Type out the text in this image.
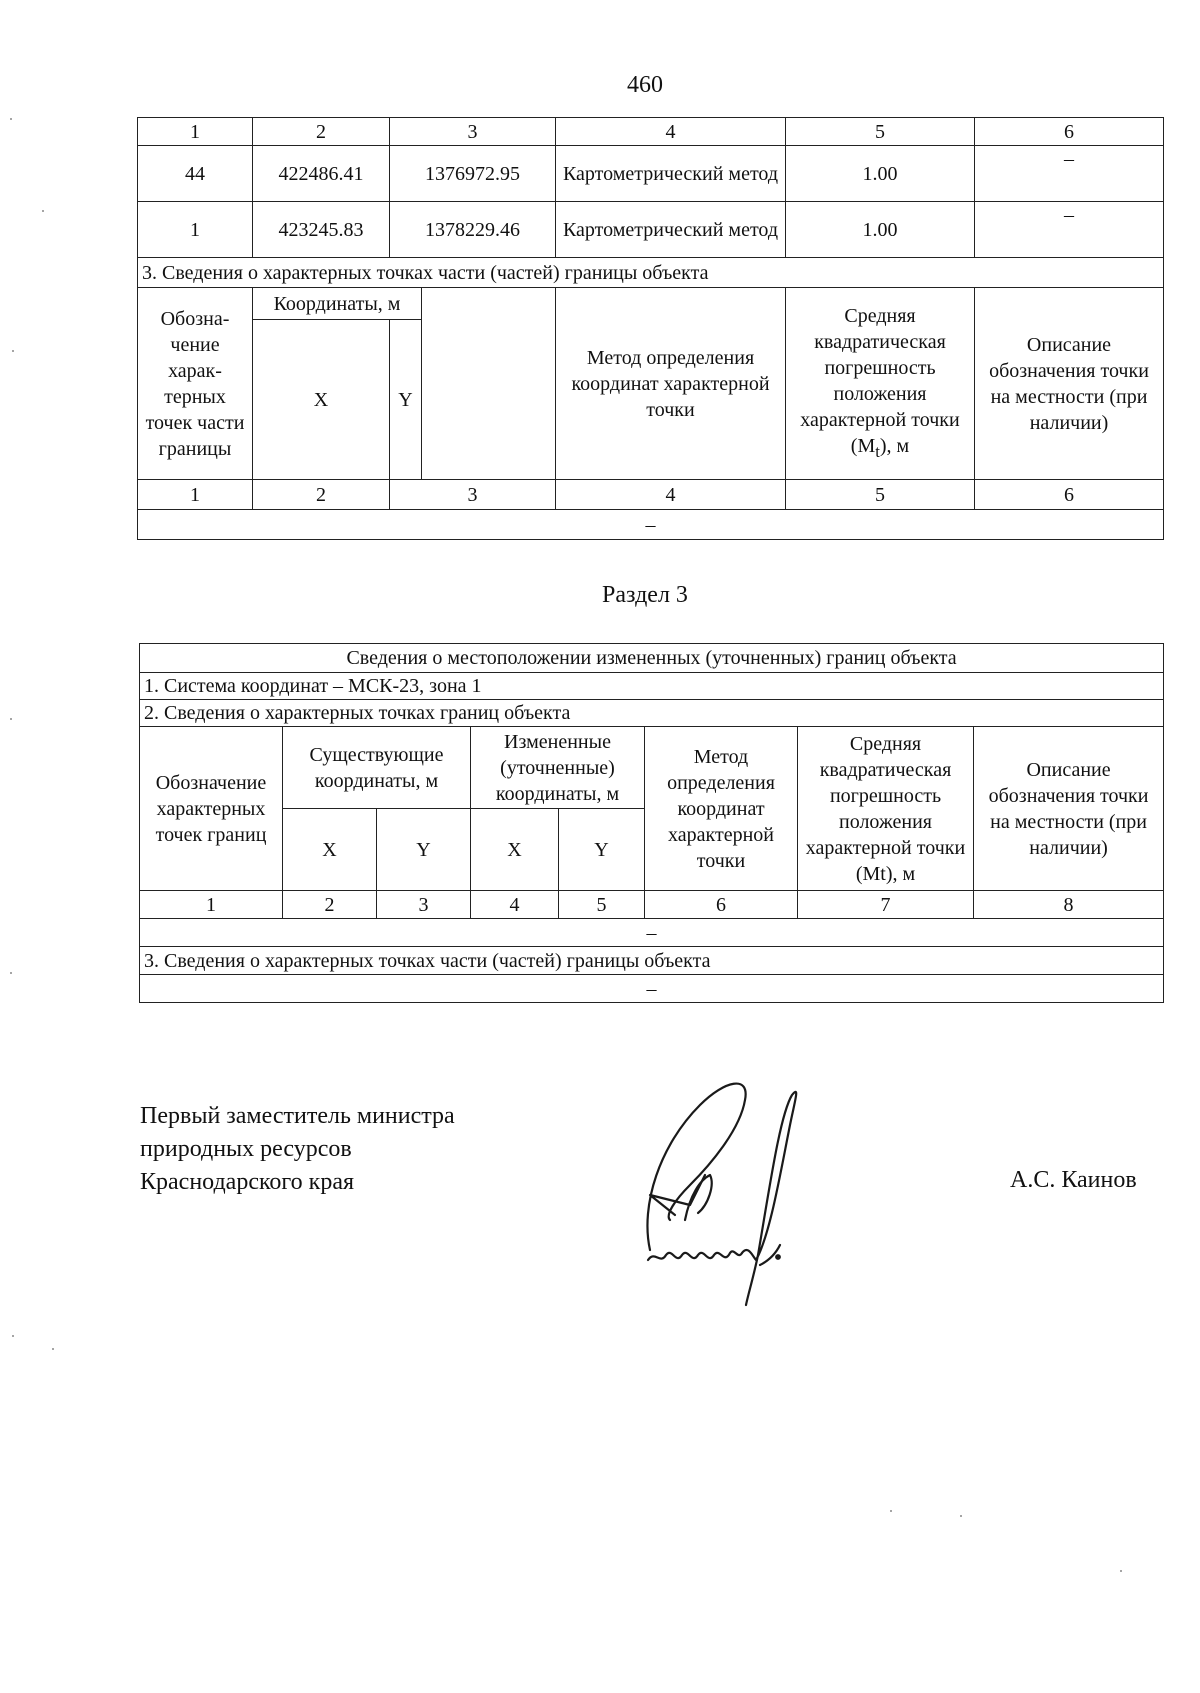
460
1	2	3		4	5	6
44	422486.41	1376972.95		Картометрический метод	1.00	–
1	423245.83	1378229.46		Картометрический метод	1.00	–
3. Сведения о характерных точках части (частей) границы объекта						
Обозна-чение харак-терных точек части границы	Координаты, м			Метод определения координат характерной точки	Средняя квадратическая погрешность положения характерной точки $(M_t)$, м	Описание обозначения точки на местности (при наличии)
	X	Y				
1	2	3		4	5	6
–						
Раздел 3
Сведения о местоположении измененных (уточненных) границ объекта							
1. Система координат – МСК-23, зона 1							
2. Сведения о характерных точках границ объекта							
Обозначение характерных точек границ	Существующие координаты, м		Измененные (уточненные) координаты, м		Метод определения координат характерной точки	Средняя квадратическая погрешность положения характерной точки (Mt), м	Описание обозначения точки на местности (при наличии)
	X	Y	X	Y			
1	2	3	4	5	6	7	8
–							
3. Сведения о характерных точках части (частей) границы объекта							
–							
Первый заместитель министра
природных ресурсов
Краснодарского края	А.С. Каинов
